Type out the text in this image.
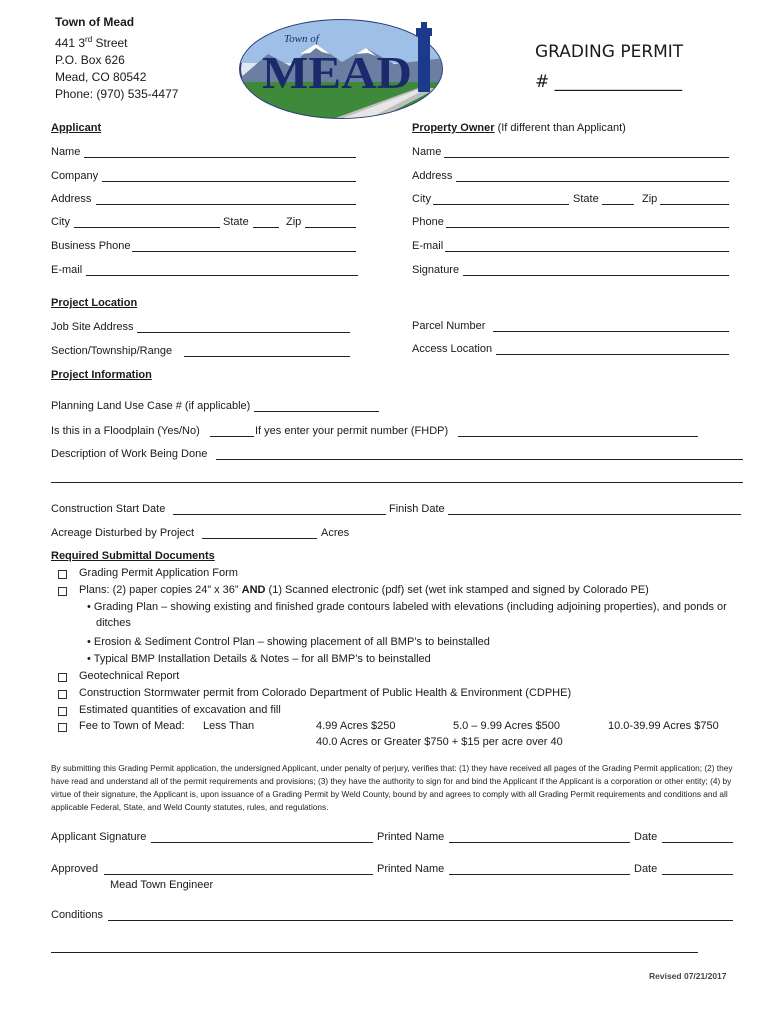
Town of Mead
441 3rd Street
P.O. Box 626
Mead, CO 80542
Phone: (970) 535-4477
Town of
MEAD	GRADING PERMIT
# _______________
Applicant
Name
Company
Address
City	State	Zip
Business Phone
E-mail
Property Owner (If different than Applicant)
Name
Address
City	State	Zip
Phone
E-mail
Signature
Project Location
Job Site Address	Parcel Number
Section/Township/Range	Access Location
Project Information
Planning Land Use Case # (if applicable)
Is this in a Floodplain (Yes/No)	If yes enter your permit number (FHDP)
Description of Work Being Done
Construction Start Date	Finish Date
Acreage Disturbed by Project	Acres
Required Submittal Documents
Grading Permit Application Form
Plans: (2) paper copies 24” x 36” AND (1) Scanned electronic (pdf) set (wet ink stamped and signed by Colorado PE)
• Grading Plan – showing existing and finished grade contours labeled with elevations (including adjoining properties), and ponds or
ditches
• Erosion & Sediment Control Plan – showing placement of all BMP’s to beinstalled
• Typical BMP Installation Details & Notes – for all BMP’s to beinstalled
Geotechnical Report
Construction Stormwater permit from Colorado Department of Public Health & Environment (CDPHE)
Estimated quantities of excavation and fill
Fee to Town of Mead: Less Than	4.99 Acres $250	5.0 – 9.99 Acres $500	10.0-39.99 Acres $750
40.0 Acres or Greater $750 + $15 per acre over 40
By submitting this Grading Permit application, the undersigned Applicant, under penalty of perjury, verifies that: (1) they have received all pages of the Grading Permit application; (2) they have read and understand all of the permit requirements and provisions; (3) they have the authority to sign for and bind the Applicant if the Applicant is a corporation or other entity; (4) by virtue of their signature, the Applicant is, upon issuance of a Grading Permit by Weld County, bound by and agrees to comply with all Grading Permit requirements and conditions and all applicable Federal, State, and Weld County statutes, rules, and regulations.
Applicant Signature	Printed Name	Date
Approved	Printed Name	Date
Mead Town Engineer
Conditions
Revised 07/21/2017
